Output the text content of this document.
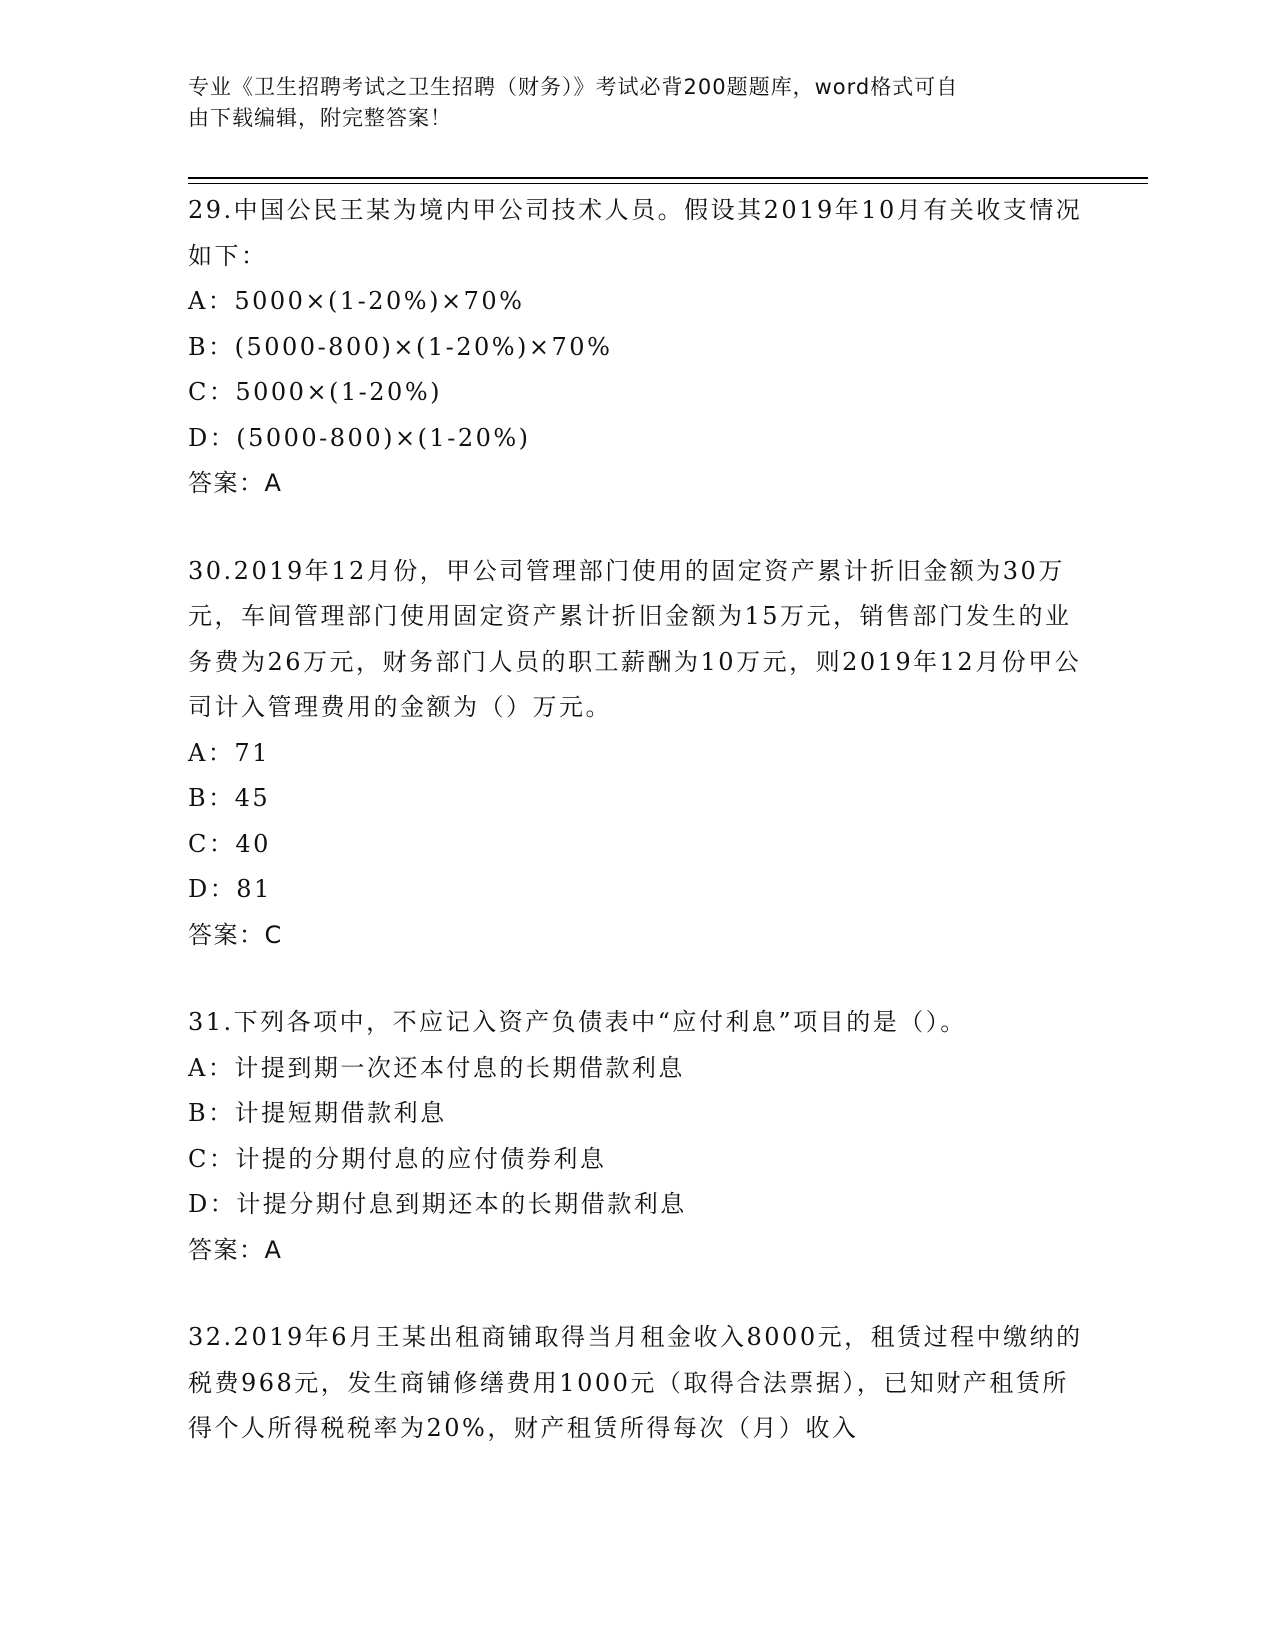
专业《卫生招聘考试之卫生招聘（财务）》考试必背200题题库，word格式可自
由下载编辑，附完整答案！
29.中国公民王某为境内甲公司技术人员。假设其2019年10月有关收支情况如下：
A：5000×(1-20%)×70%
B：(5000-800)×(1-20%)×70%
C：5000×(1-20%)
D：(5000-800)×(1-20%)
答案：A
30.2019年12月份，甲公司管理部门使用的固定资产累计折旧金额为30万元，车间管理部门使用固定资产累计折旧金额为15万元，销售部门发生的业务费为26万元，财务部门人员的职工薪酬为10万元，则2019年12月份甲公司计入管理费用的金额为（）万元。
A：71
B：45
C：40
D：81
答案：C
31.下列各项中，不应记入资产负债表中“应付利息”项目的是（）。
A：计提到期一次还本付息的长期借款利息
B：计提短期借款利息
C：计提的分期付息的应付债券利息
D：计提分期付息到期还本的长期借款利息
答案：A
32.2019年6月王某出租商铺取得当月租金收入8000元，租赁过程中缴纳的税费968元，发生商铺修缮费用1000元（取得合法票据），已知财产租赁所得个人所得税税率为20%，财产租赁所得每次（月）收入
